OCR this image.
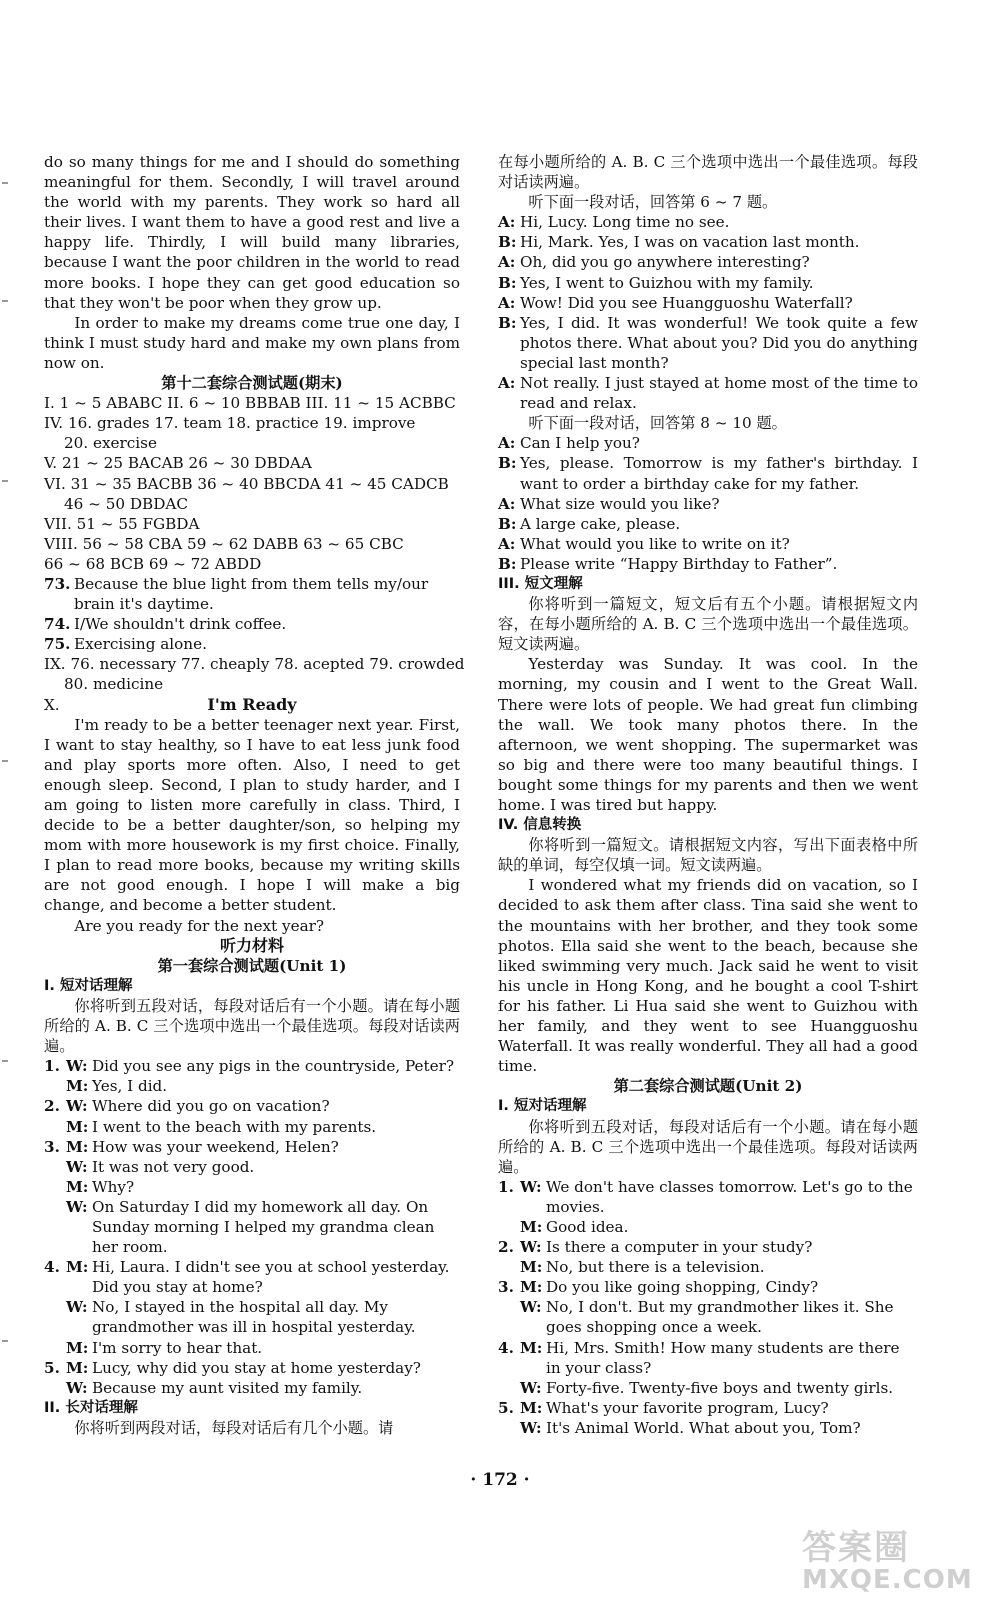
do so many things for me and I should do something meaningful for them. Secondly, I will travel around the world with my parents. They work so hard all their lives. I want them to have a good rest and live a happy life. Thirdly, I will build many libraries, because I want the poor children in the world to read more books. I hope they can get good education so that they won't be poor when they grow up.

In order to make my dreams come true one day, I think I must study hard and make my own plans from now on.

第十二套综合测试题(期末)
I. 1 ~ 5 ABABC II. 6 ~ 10 BBBAB III. 11 ~ 15 ACBBC
IV. 16. grades 17. team 18. practice 19. improve
20. exercise
V. 21 ~ 25 BACAB 26 ~ 30 DBDAA
VI. 31 ~ 35 BACBB 36 ~ 40 BBCDA 41 ~ 45 CADCB
46 ~ 50 DBDAC
VII. 51 ~ 55 FGBDA
VIII. 56 ~ 58 CBA 59 ~ 62 DABB 63 ~ 65 CBC
66 ~ 68 BCB 69 ~ 72 ABDD
73. Because the blue light from them tells my/our brain it's daytime.
74. I/We shouldn't drink coffee.
75. Exercising alone.
IX. 76. necessary 77. cheaply 78. acepted 79. crowded
80. medicine
X.	I'm Ready

I'm ready to be a better teenager next year. First, I want to stay healthy, so I have to eat less junk food and play sports more often. Also, I need to get enough sleep. Second, I plan to study harder, and I am going to listen more carefully in class. Third, I decide to be a better daughter/son, so helping my mom with more housework is my first choice. Finally, I plan to read more books, because my writing skills are not good enough. I hope I will make a big change, and become a better student.

Are you ready for the next year?

听力材料
第一套综合测试题(Unit 1)
I. 短对话理解

你将听到五段对话，每段对话后有一个小题。请在每小题所给的 A. B. C 三个选项中选出一个最佳选项。每段对话读两遍。

1. W: Did you see any pigs in the countryside, Peter?
M: Yes, I did.
2. W: Where did you go on vacation?
M: I went to the beach with my parents.
3. M: How was your weekend, Helen?
W: It was not very good.
M: Why?
W: On Saturday I did my homework all day. On Sunday morning I helped my grandma clean her room.
4. M: Hi, Laura. I didn't see you at school yesterday. Did you stay at home?
W: No, I stayed in the hospital all day. My grandmother was ill in hospital yesterday.
M: I'm sorry to hear that.
5. M: Lucy, why did you stay at home yesterday?
W: Because my aunt visited my family.
II. 长对话理解

你将听到两段对话，每段对话后有几个小题。请

在每小题所给的 A. B. C 三个选项中选出一个最佳选项。每段对话读两遍。

听下面一段对话，回答第 6 ~ 7 题。

A: Hi, Lucy. Long time no see.
B: Hi, Mark. Yes, I was on vacation last month.
A: Oh, did you go anywhere interesting?
B: Yes, I went to Guizhou with my family.
A: Wow! Did you see Huangguoshu Waterfall?
B: Yes, I did. It was wonderful! We took quite a few photos there. What about you? Did you do anything special last month?
A: Not really. I just stayed at home most of the time to read and relax.

听下面一段对话，回答第 8 ~ 10 题。

A: Can I help you?
B: Yes, please. Tomorrow is my father's birthday. I want to order a birthday cake for my father.
A: What size would you like?
B: A large cake, please.
A: What would you like to write on it?
B: Please write “Happy Birthday to Father”.
III. 短文理解

你将听到一篇短文，短文后有五个小题。请根据短文内容，在每小题所给的 A. B. C 三个选项中选出一个最佳选项。短文读两遍。

Yesterday was Sunday. It was cool. In the morning, my cousin and I went to the Great Wall. There were lots of people. We had great fun climbing the wall. We took many photos there. In the afternoon, we went shopping. The supermarket was so big and there were too many beautiful things. I bought some things for my parents and then we went home. I was tired but happy.

IV. 信息转换

你将听到一篇短文。请根据短文内容，写出下面表格中所缺的单词，每空仅填一词。短文读两遍。

I wondered what my friends did on vacation, so I decided to ask them after class. Tina said she went to the mountains with her brother, and they took some photos. Ella said she went to the beach, because she liked swimming very much. Jack said he went to visit his uncle in Hong Kong, and he bought a cool T-shirt for his father. Li Hua said she went to Guizhou with her family, and they went to see Huangguoshu Waterfall. It was really wonderful. They all had a good time.

第二套综合测试题(Unit 2)
I. 短对话理解

你将听到五段对话，每段对话后有一个小题。请在每小题所给的 A. B. C 三个选项中选出一个最佳选项。每段对话读两遍。

1. W: We don't have classes tomorrow. Let's go to the movies.
M: Good idea.
2. W: Is there a computer in your study?
M: No, but there is a television.
3. M: Do you like going shopping, Cindy?
W: No, I don't. But my grandmother likes it. She goes shopping once a week.
4. M: Hi, Mrs. Smith! How many students are there in your class?
W: Forty-five. Twenty-five boys and twenty girls.
5. M: What's your favorite program, Lucy?
W: It's Animal World. What about you, Tom?
· 172 ·
答案圈
MXQE.COM
